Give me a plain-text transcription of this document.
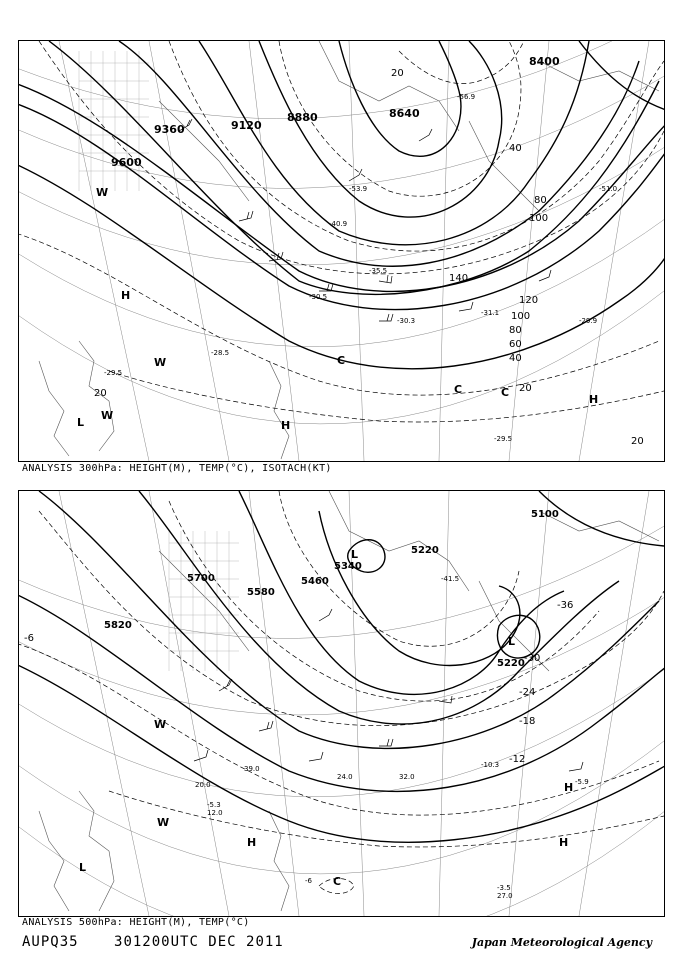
9600
9360	9120
8880	8640
8400
120
100
80
60
40
20
140
100
80
40
20
20
20
-28.5
-29.5
-30.5
-31.1
-30.3	-29.9
-29.5
-35.5
-40.9
-53.9
-56.9
-51.0
H
H
H
L
W
W
W
C
C	C
ANALYSIS 300hPa: HEIGHT(M), TEMP(°C), ISOTACH(KT)
5820
5700
5580
5460
5340
5220
5220
5100
-6
-12
-18
-24
-30
-36
-5.3
-3.5
-5.9
-10.3
-41.5
-6
12.0
27.0
32.0
24.0
39.0
20.0
H	H
H
L
L
L
W
W
C
ANALYSIS 500hPa: HEIGHT(M), TEMP(°C)
AUPQ35	301200UTC DEC 2011	Japan Meteorological Agency
